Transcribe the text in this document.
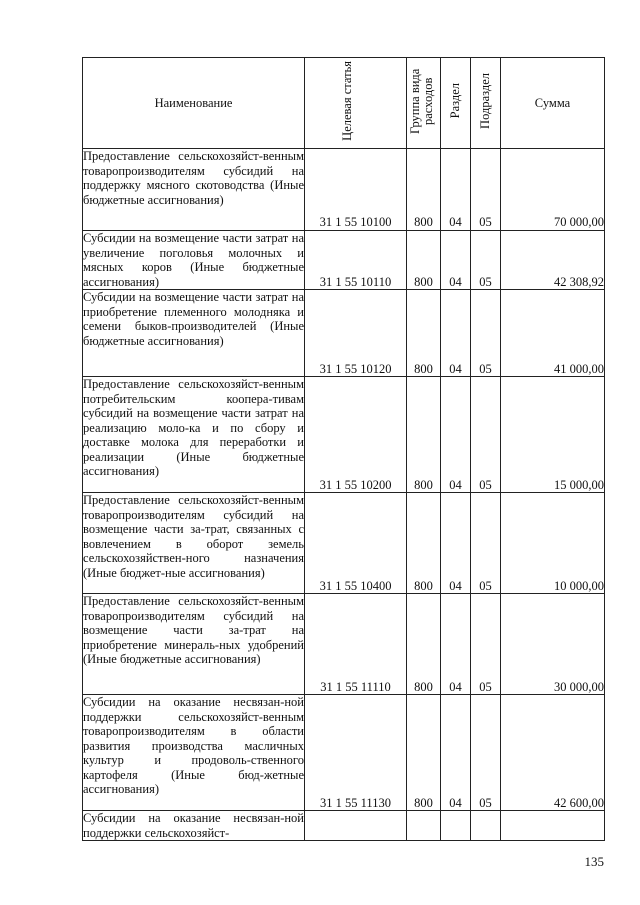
Наименование	Целевая статья	Группа вида расходов	Раздел	Подраздел	Сумма
Предоставление сельскохозяйст-венным товаропроизводителям субсидий на поддержку мясного скотоводства (Иные бюджетные ассигнования)	31 1 55 10100	800	04	05	70 000,00
Субсидии на возмещение части затрат на увеличение поголовья молочных и мясных коров (Иные бюджетные ассигнования)	31 1 55 10110	800	04	05	42 308,92
Субсидии на возмещение части затрат на приобретение племенного молодняка и семени быков-производителей (Иные бюджетные ассигнования)	31 1 55 10120	800	04	05	41 000,00
Предоставление сельскохозяйст-венным потребительским коопера-тивам субсидий на возмещение части затрат на реализацию моло-ка и по сбору и доставке молока для переработки и реализации (Иные бюджетные ассигнования)	31 1 55 10200	800	04	05	15 000,00
Предоставление сельскохозяйст-венным товаропроизводителям субсидий на возмещение части за-трат, связанных с вовлечением в оборот земель сельскохозяйствен-ного назначения (Иные бюджет-ные ассигнования)	31 1 55 10400	800	04	05	10 000,00
Предоставление сельскохозяйст-венным товаропроизводителям субсидий на возмещение части за-трат на приобретение минераль-ных удобрений (Иные бюджетные ассигнования)	31 1 55 11110	800	04	05	30 000,00
Субсидии на оказание несвязан-ной поддержки сельскохозяйст-венным товаропроизводителям в области развития производства масличных культур и продоволь-ственного картофеля (Иные бюд-жетные ассигнования)	31 1 55 11130	800	04	05	42 600,00
Субсидии на оказание несвязан-ной поддержки сельскохозяйст-					
135
